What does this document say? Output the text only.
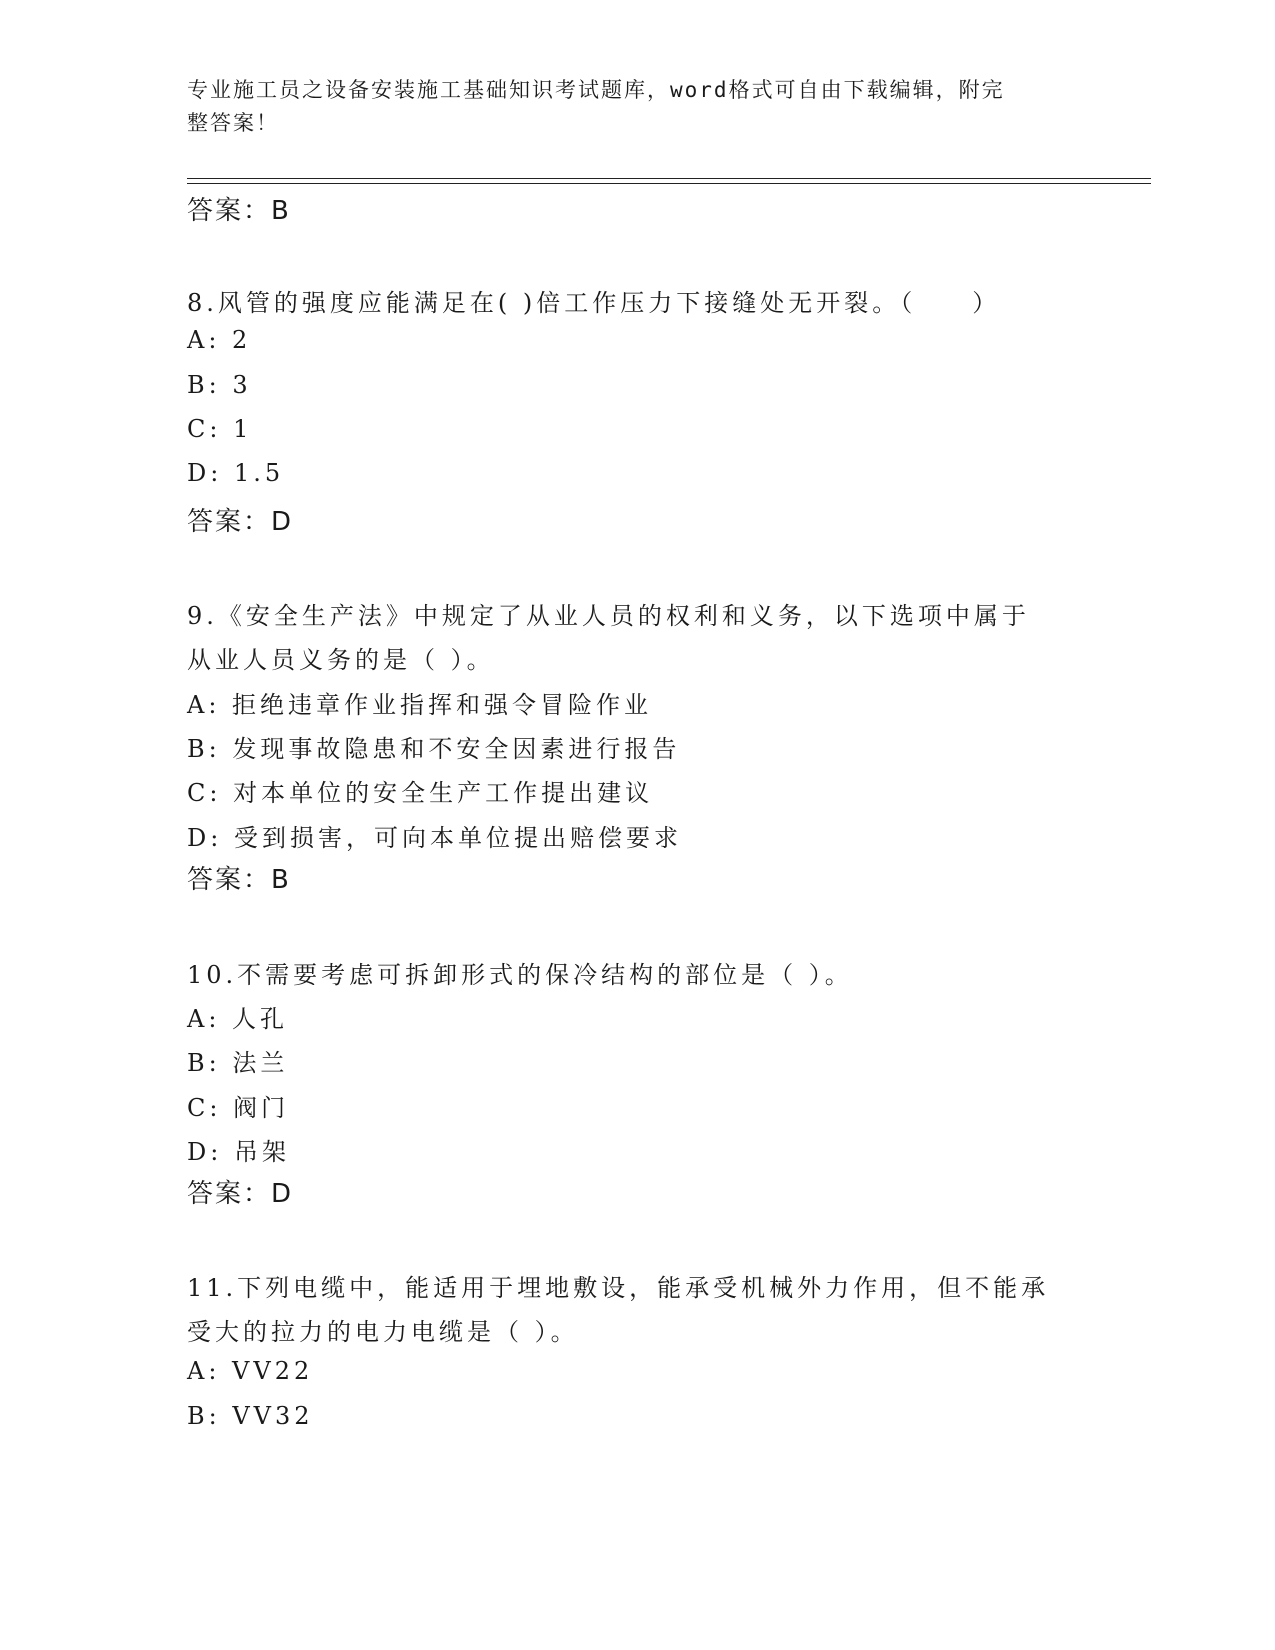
专业施工员之设备安装施工基础知识考试题库，word格式可自由下载编辑，附完
整答案！
答案：B
8.风管的强度应能满足在( )倍工作压力下接缝处无开裂。（　　）
A: 2
B: 3
C: 1
D: 1.5
答案：D
9.《安全生产法》中规定了从业人员的权利和义务，以下选项中属于
从业人员义务的是（ ）。
A: 拒绝违章作业指挥和强令冒险作业
B: 发现事故隐患和不安全因素进行报告
C: 对本单位的安全生产工作提出建议
D: 受到损害，可向本单位提出赔偿要求
答案：B
10.不需要考虑可拆卸形式的保冷结构的部位是（ ）。
A: 人孔
B: 法兰
C: 阀门
D: 吊架
答案：D
11.下列电缆中，能适用于埋地敷设，能承受机械外力作用，但不能承
受大的拉力的电力电缆是（ ）。
A: VV22
B: VV32
